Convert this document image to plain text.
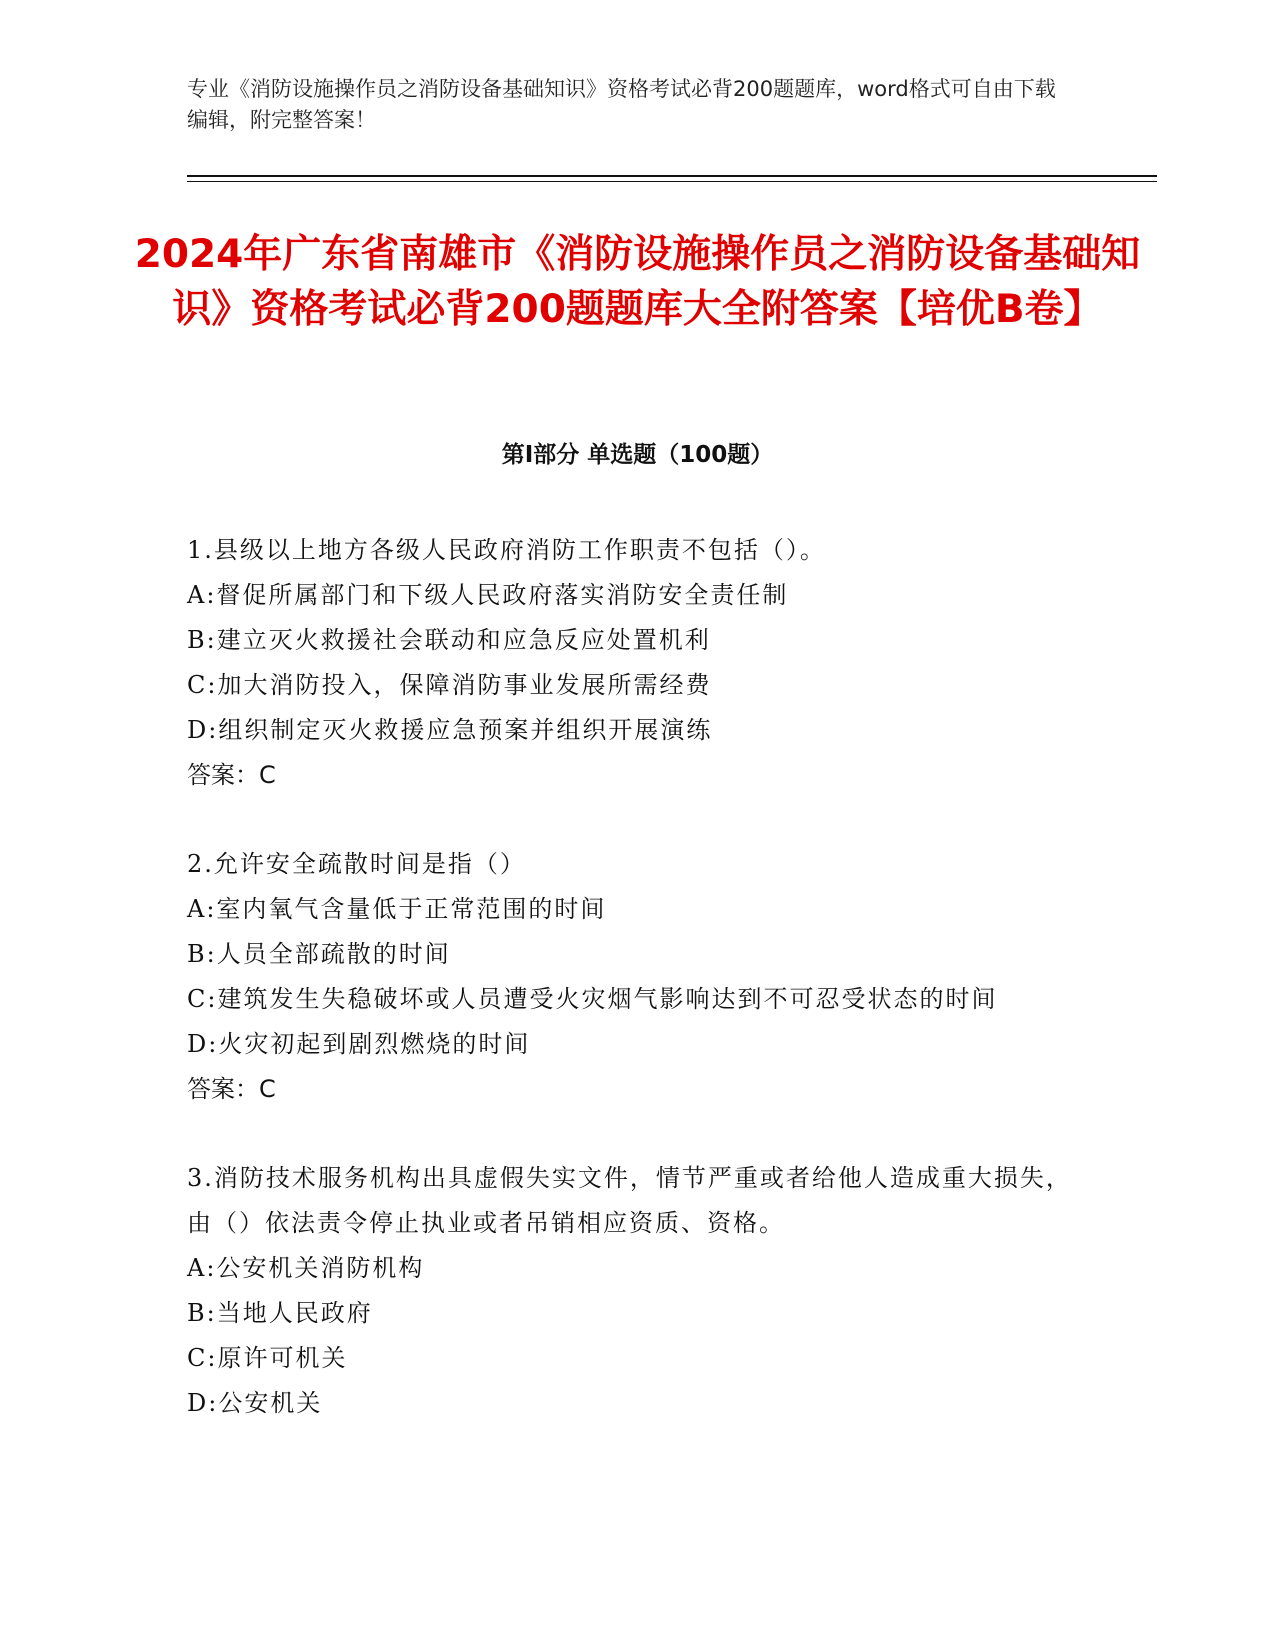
专业《消防设施操作员之消防设备基础知识》资格考试必背200题题库，word格式可自由下载编辑，附完整答案！
2024年广东省南雄市《消防设施操作员之消防设备基础知识》资格考试必背200题题库大全附答案【培优B卷】
第Ⅰ部分 单选题（100题）
1.县级以上地方各级人民政府消防工作职责不包括（）。
A:督促所属部门和下级人民政府落实消防安全责任制
B:建立灭火救援社会联动和应急反应处置机利
C:加大消防投入，保障消防事业发展所需经费
D:组织制定灭火救援应急预案并组织开展演练
答案：C
2.允许安全疏散时间是指（）
A:室内氧气含量低于正常范围的时间
B:人员全部疏散的时间
C:建筑发生失稳破坏或人员遭受火灾烟气影响达到不可忍受状态的时间
D:火灾初起到剧烈燃烧的时间
答案：C
3.消防技术服务机构出具虚假失实文件，情节严重或者给他人造成重大损失，由（）依法责令停止执业或者吊销相应资质、资格。
A:公安机关消防机构
B:当地人民政府
C:原许可机关
D:公安机关
